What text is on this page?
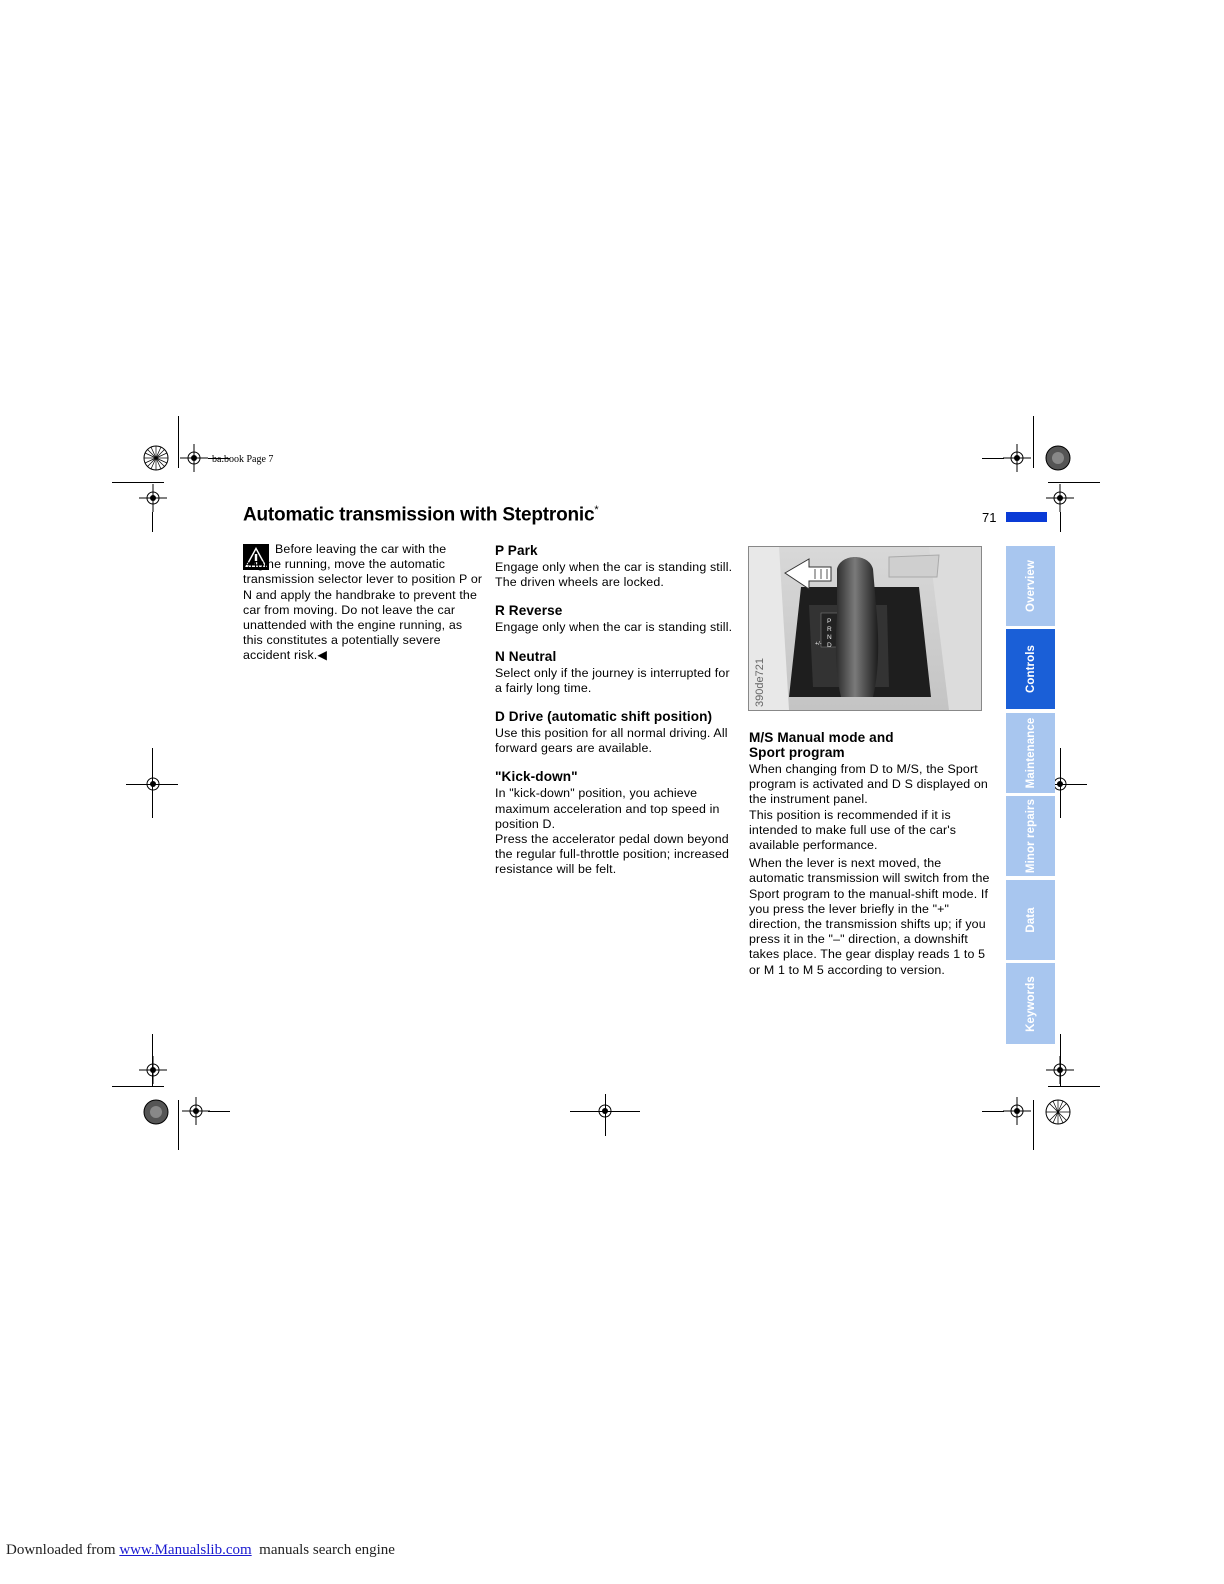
ba.book Page 7
Automatic transmission with Steptronic*	71
Before leaving the car with the engine running, move the automatic transmission selector lever to position P or N and apply the handbrake to prevent the car from moving. Do not leave the car unattended with the engine running, as this constitutes a potentially severe accident risk.◀
P Park

Engage only when the car is standing still. The driven wheels are locked.

R Reverse

Engage only when the car is standing still.

N Neutral

Select only if the journey is interrupted for a fairly long time.

D Drive (automatic shift position)

Use this position for all normal driving. All forward gears are available.

"Kick-down"

In "kick-down" position, you achieve maximum acceleration and top speed in position D.

Press the accelerator pedal down beyond the regular full-throttle position; increased resistance will be felt.

390de721
P
R
N
D
+/-
M/S Manual mode and
Sport program

When changing from D to M/S, the Sport program is activated and D S displayed on the instrument panel.

This position is recommended if it is intended to make full use of the car's available performance.

When the lever is next moved, the automatic transmission will switch from the Sport program to the manual-shift mode. If you press the lever briefly in the "+" direction, the transmission shifts up; if you press it in the "–" direction, a downshift takes place. The gear display reads 1 to 5 or M 1 to M 5 according to version.

Overview
Controls
Maintenance
Minor repairs
Data
Keywords
Downloaded from www.Manualslib.com  manuals search engine
